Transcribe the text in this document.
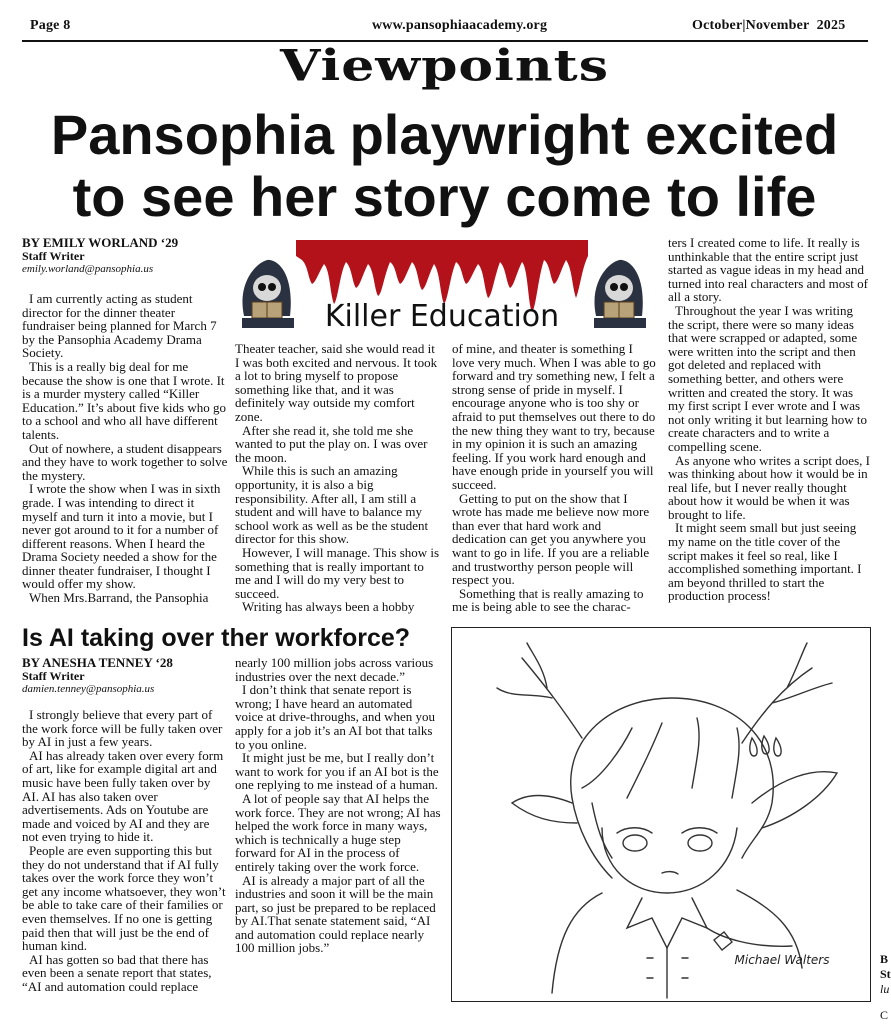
Page 8	www.pansophiaacademy.org	October|November  2025
Viewpoints
Pansophia playwright excited
to see her story come to life
BY EMILY WORLAND ‘29
Staff Writer
emily.worland@pansophia.us
Killer Education

I am currently acting as student director for the dinner theater fundraiser being planned for March 7 by the Pansophia Academy Drama Society.

This is a really big deal for me because the show is one that I wrote. It is a murder mystery called “Killer Education.” It’s about five kids who go to a school and who all have different talents.

Out of nowhere, a student disappears and they have to work together to solve the mystery.

I wrote the show when I was in sixth grade. I was intending to direct it myself and turn it into a movie, but I never got around to it for a number of different reasons. When I heard the Drama Society needed a show for the dinner theater fundraiser, I thought I would offer my show.

When Mrs.Barrand, the Pansophia

Theater teacher, said she would read it I was both excited and nervous. It took a lot to bring myself to propose something like that, and it was definitely way outside my comfort zone.

After she read it, she told me she wanted to put the play on. I was over the moon.

While this is such an amazing opportunity, it is also a big responsibility. After all, I am still a student and will have to balance my school work as well as be the student director for this show.

However, I will manage. This show is something that is really important to me and I will do my very best to succeed.

Writing has always been a hobby

of mine, and theater is something I love very much. When I was able to go forward and try something new, I felt a strong sense of pride in myself. I encourage anyone who is too shy or afraid to put themselves out there to do the new thing they want to try, because in my opinion it is such an amazing feeling. If you work hard enough and have enough pride in yourself you will succeed.

Getting to put on the show that I wrote has made me believe now more than ever that hard work and dedication can get you anywhere you want to go in life. If you are a reliable and trustworthy person people will respect you.

Something that is really amazing to me is being able to see the charac-

ters I created come to life. It really is unthinkable that the entire script just started as vague ideas in my head and turned into real characters and most of all a story.

Throughout the year I was writing the script, there were so many ideas that were scrapped or adapted, some were written into the script and then got deleted and replaced with something better, and others were written and created the story. It was my first script I ever wrote and I was not only writing it but learning how to create characters and to write a compelling scene.

As anyone who writes a script does, I was thinking about how it would be in real life, but I never really thought about how it would be when it was brought to life.

It might seem small but just seeing my name on the title cover of the script makes it feel so real, like I accomplished something important. I am beyond thrilled to start the production process!

Is AI taking over ther workforce?
BY ANESHA TENNEY ‘28
Staff Writer
damien.tenney@pansophia.us

I strongly believe that every part of the work force will be fully taken over by AI in just a few years.

AI has already taken over every form of art, like for example digital art and music have been fully taken over by AI. AI has also taken over advertisements. Ads on Youtube are made and voiced by AI and they are not even trying to hide it.

People are even supporting this but they do not understand that if AI fully takes over the work force they won’t get any income whatsoever, they won’t be able to take care of their families or even themselves. If no one is getting paid then that will just be the end of human kind.

AI has gotten so bad that there has even been a senate report that states, “AI and automation could replace

nearly 100 million jobs across various industries over the next decade.”

I don’t think that senate report is wrong; I have heard an automated voice at drive-throughs, and when you apply for a job it’s an AI bot that talks to you online.

It might just be me, but I really don’t want to work for you if an AI bot is the one replying to me instead of a human.

A lot of people say that AI helps the work force. They are not wrong; AI has helped the work force in many ways, which is technically a huge step forward for AI in the process of entirely taking over the work force.

AI is already a major part of all the industries and soon it will be the main part, so just be prepared to be replaced by AI.That senate statement said, “AI and automation could replace nearly 100 million jobs.”

Michael Walters	B
St
lu
C
